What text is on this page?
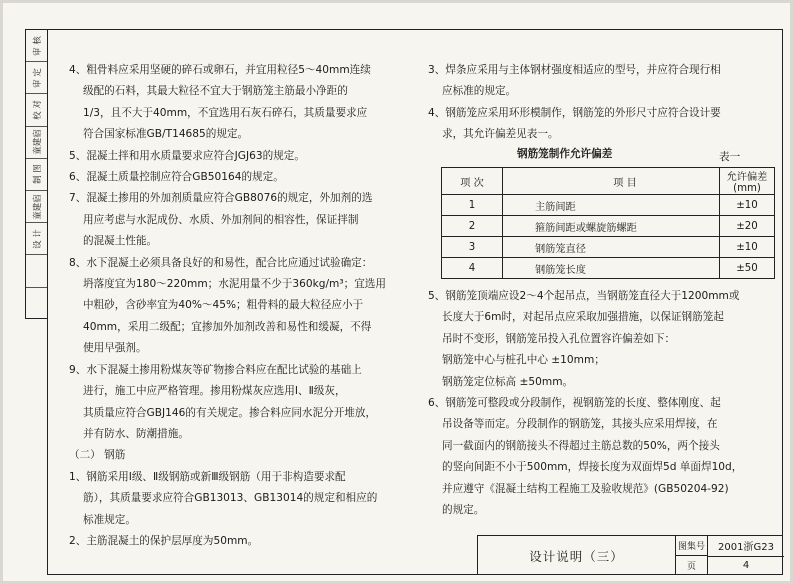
审 核
审 定
校 对
童建宿
制 图
童建宿
设 计

4、粗骨料应采用坚硬的碎石或卵石，并宜用粒径5～40mm连续

级配的石料，其最大粒径不宜大于钢筋笼主筋最小净距的

1/3，且不大于40mm，不宜选用石灰石碎石，其质量要求应

符合国家标准GB/T14685的规定。

5、混凝土拌和用水质量要求应符合JGJ63的规定。

6、混凝土质量控制应符合GB50164的规定。

7、混凝土掺用的外加剂质量应符合GB8076的规定，外加剂的选

用应考虑与水泥成份、水质、外加剂间的相容性，保证拌制

的混凝土性能。

8、水下混凝土必须具备良好的和易性，配合比应通过试验确定：

坍落度宜为180～220mm；水泥用量不少于360kg/m³；宜选用

中粗砂，含砂率宜为40%～45%；粗骨料的最大粒径应小于

40mm，采用二级配；宜掺加外加剂改善和易性和缓凝，不得

使用早强剂。

9、水下混凝土掺用粉煤灰等矿物掺合料应在配比试验的基础上

进行，施工中应严格管理。掺用粉煤灰应选用Ⅰ、Ⅱ级灰，

其质量应符合GBJ146的有关规定。掺合料应同水泥分开堆放，

并有防水、防潮措施。

（二） 钢筋

1、钢筋采用Ⅰ级、Ⅱ级钢筋或新Ⅲ级钢筋（用于非构造要求配

筋），其质量要求应符合GB13013、GB13014的规定和相应的

标准规定。

2、主筋混凝土的保护层厚度为50mm。

3、焊条应采用与主体钢材强度相适应的型号，并应符合现行相

应标准的规定。

4、钢筋笼应采用环形模制作，钢筋笼的外形尺寸应符合设计要

求，其允许偏差见表一。

钢筋笼制作允许偏差	表一
项 次	项 目	允许偏差(mm)
1	主筋间距	±10
2	箍筋间距或螺旋筋螺距	±20
3	钢筋笼直径	±10
4	钢筋笼长度	±50

5、钢筋笼顶端应设2～4个起吊点，当钢筋笼直径大于1200mm或

长度大于6m时，对起吊点应采取加强措施，以保证钢筋笼起

吊时不变形，钢筋笼吊投入孔位置容许偏差如下：

钢筋笼中心与桩孔中心 ±10mm；

钢筋笼定位标高 ±50mm。

6、钢筋笼可整段或分段制作，视钢筋笼的长度、整体刚度、起

吊设备等而定。分段制作的钢筋笼，其接头应采用焊接，在

同一截面内的钢筋接头不得超过主筋总数的50%，两个接头

的竖向间距不小于500mm，焊接长度为双面焊5d 单面焊10d，

并应遵守《混凝土结构工程施工及验收规范》(GB50204-92)

的规定。

设计说明（三）
图集号	2001浙G23
页	4
